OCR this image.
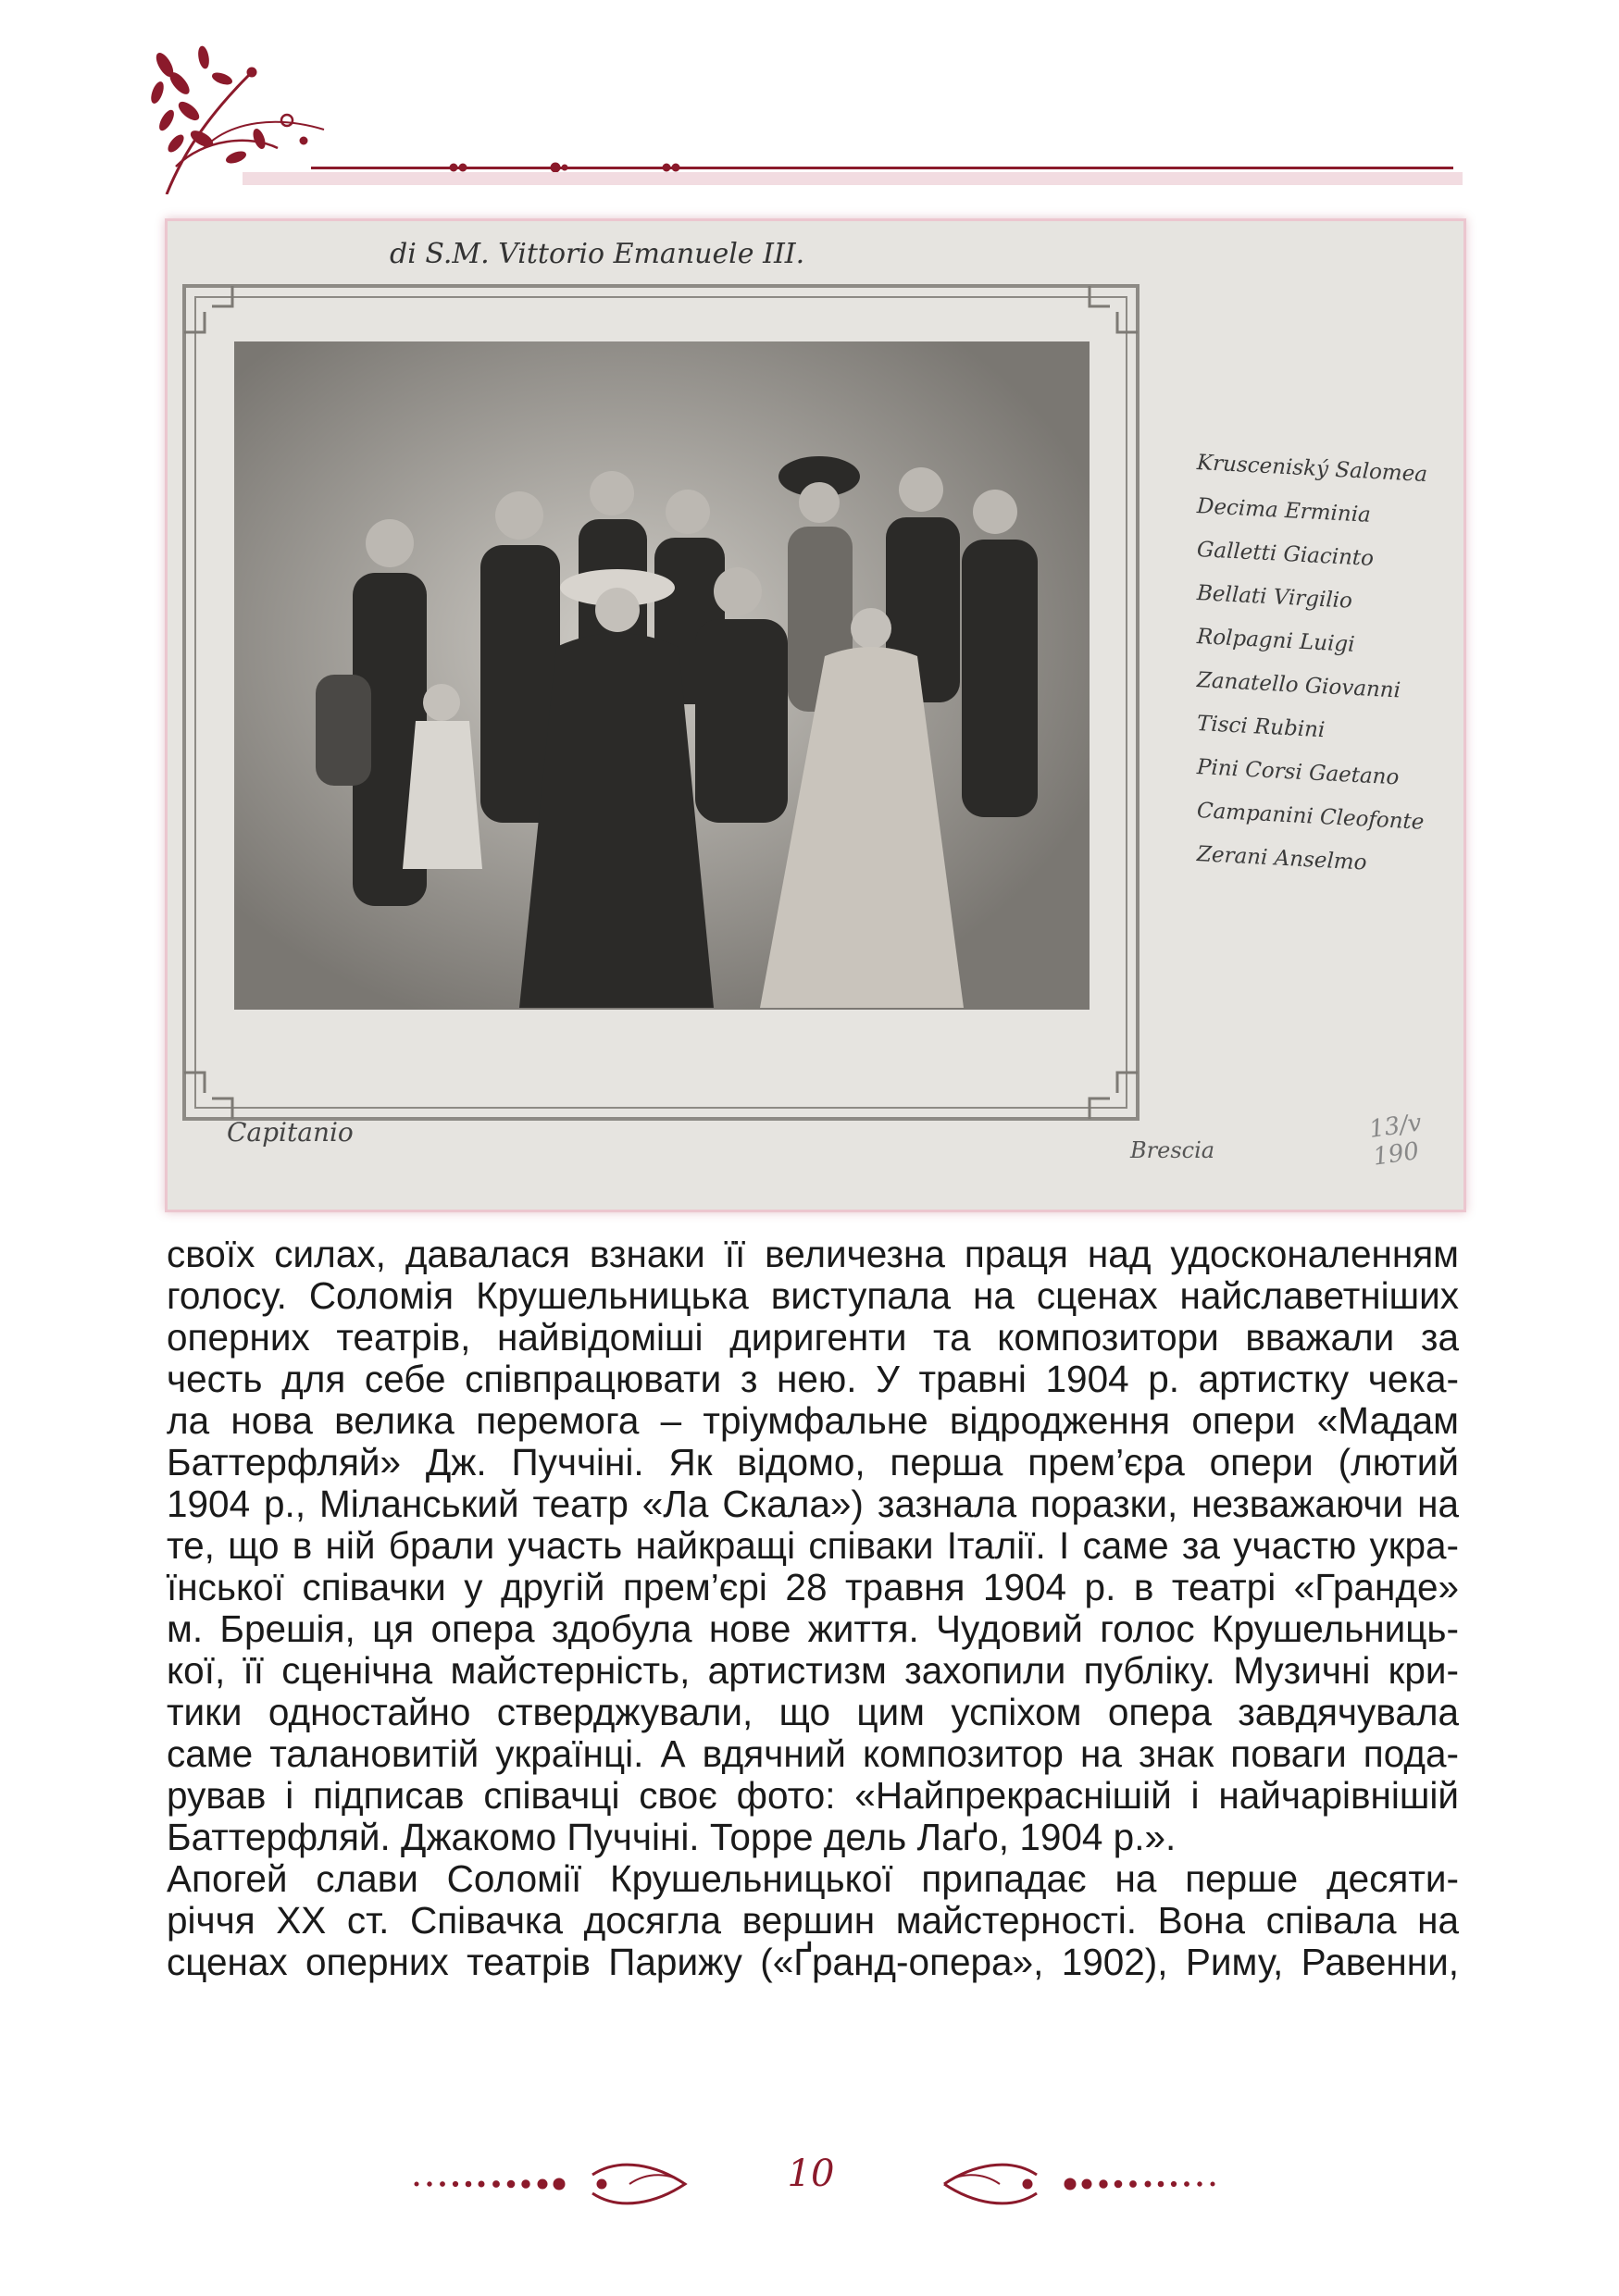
di S.M. Vittorio Emanuele III.
Krusceniský Salomea
Decima Erminia
Galletti Giacinto
Bellati Virgilio
Rolpagni Luigi
Zanatello Giovanni
Tisci Rubini
Pini Corsi Gaetano
Campanini Cleofonte
Zerani Anselmo
Capitanio
Brescia
13/v 190
своїх силах, давалася взнаки її величезна праця над удосконаленням
голосу. Соломія Крушельницька виступала на сценах найславетніших
оперних театрів, найвідоміші диригенти та композитори вважали за
честь для себе співпрацювати з нею. У травні 1904 р. артистку чека-
ла нова велика перемога – тріумфальне відродження опери «Мадам
Баттерфляй» Дж. Пуччіні. Як відомо, перша прем’єра опери (лютий
1904 р., Міланський театр «Ла Скала») зазнала поразки, незважаючи на
те, що в ній брали участь найкращі співаки Італії. І саме за участю укра-
їнської співачки у другій прем’єрі 28 травня 1904 р. в театрі «Гранде»
м. Брешія, ця опера здобула нове життя. Чудовий голос Крушельниць-
кої, її сценічна майстерність, артистизм захопили публіку. Музичні кри-
тики одностайно стверджували, що цим успіхом опера завдячувала
саме талановитій українці. А вдячний композитор на знак поваги пода-
рував і підписав співачці своє фото: «Найпрекраснішій і найчарівнішій
Баттерфляй. Джакомо Пуччіні. Торре дель Лаґо, 1904 р.».
Апогей слави Соломії Крушельницької припадає на перше десяти-
річчя ХХ ст. Співачка досягла вершин майстерності. Вона співала на
сценах оперних театрів Парижу («Ґранд-опера», 1902), Риму, Равенни,
10
